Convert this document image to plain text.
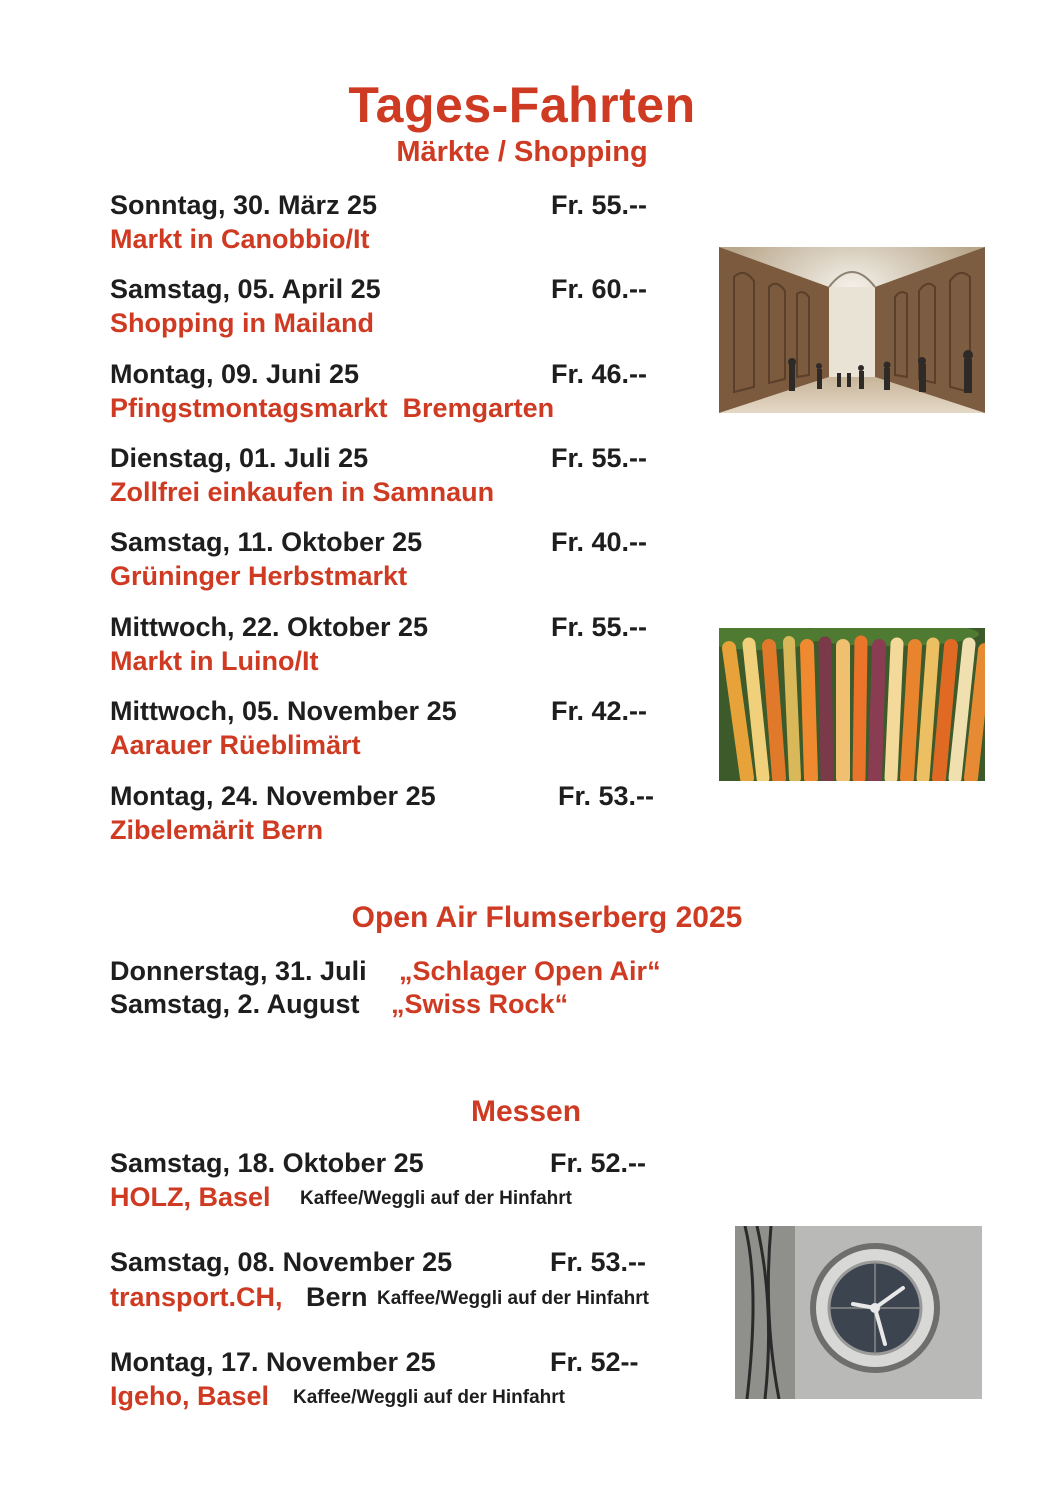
Tages-Fahrten
Märkte / Shopping
Sonntag, 30. März 25	Fr. 55.--
Markt in Canobbio/It
Samstag, 05. April 25	Fr. 60.--
Shopping in Mailand
Montag, 09. Juni 25	Fr. 46.--
Pfingstmontagsmarkt  Bremgarten
Dienstag, 01. Juli 25	Fr. 55.--
Zollfrei einkaufen in Samnaun
Samstag, 11. Oktober 25	Fr. 40.--
Grüninger Herbstmarkt
Mittwoch, 22. Oktober 25	Fr. 55.--
Markt in Luino/It
Mittwoch, 05. November 25	Fr. 42.--
Aarauer Rüeblimärt
Montag, 24. November 25	Fr. 53.--
Zibelemärit Bern
Open Air Flumserberg 2025
Donnerstag, 31. Juli „Schlager Open Air“
Samstag, 2. August „Swiss Rock“
Messen
Samstag, 18. Oktober 25	Fr. 52.--
HOLZ, Basel Kaffee/Weggli auf der Hinfahrt
Samstag, 08. November 25	Fr. 53.--
transport.CH, Bern Kaffee/Weggli auf der Hinfahrt
Montag, 17. November 25	Fr. 52--
Igeho, Basel Kaffee/Weggli auf der Hinfahrt
